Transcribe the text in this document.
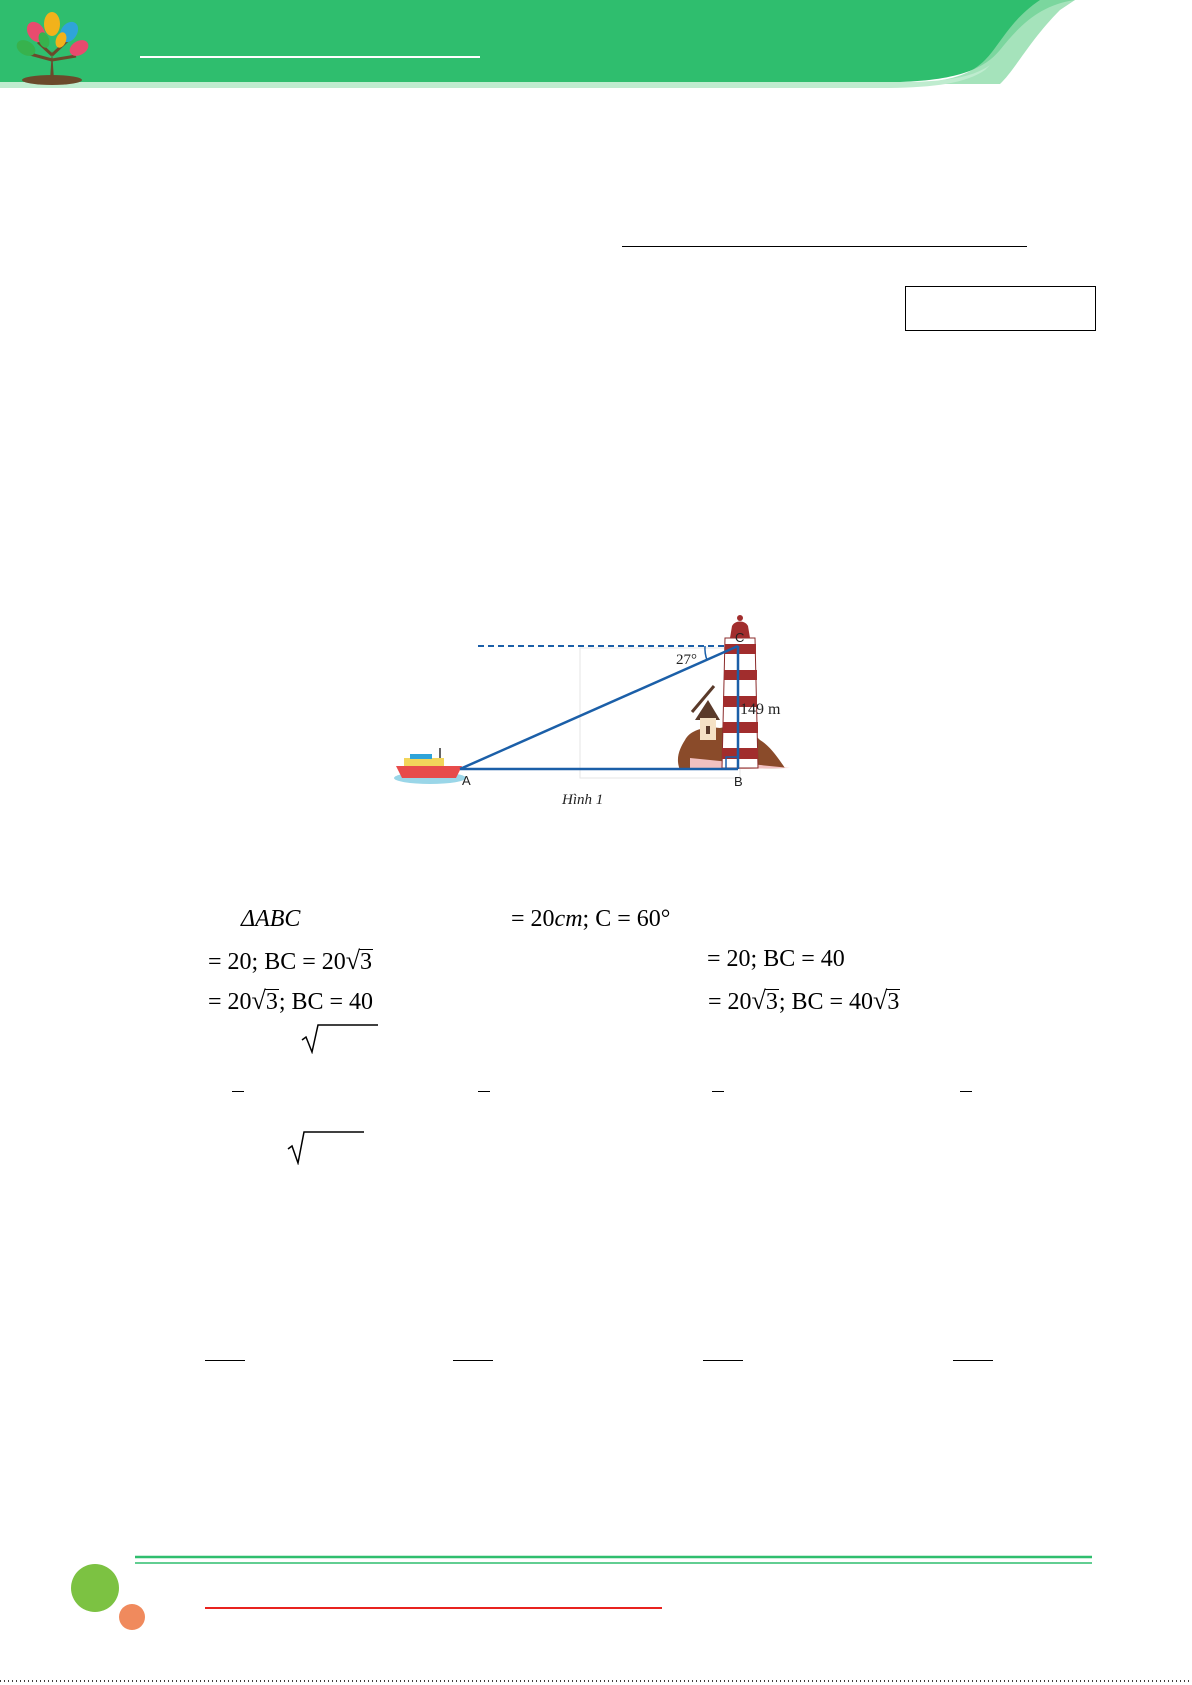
A	B
C
27°
149 m
Hình 1
ΔABC	= 20cm; C = 60°
= 20; BC = 20√3	= 20; BC = 40
= 20√3; BC = 40	= 20√3; BC = 40√3
